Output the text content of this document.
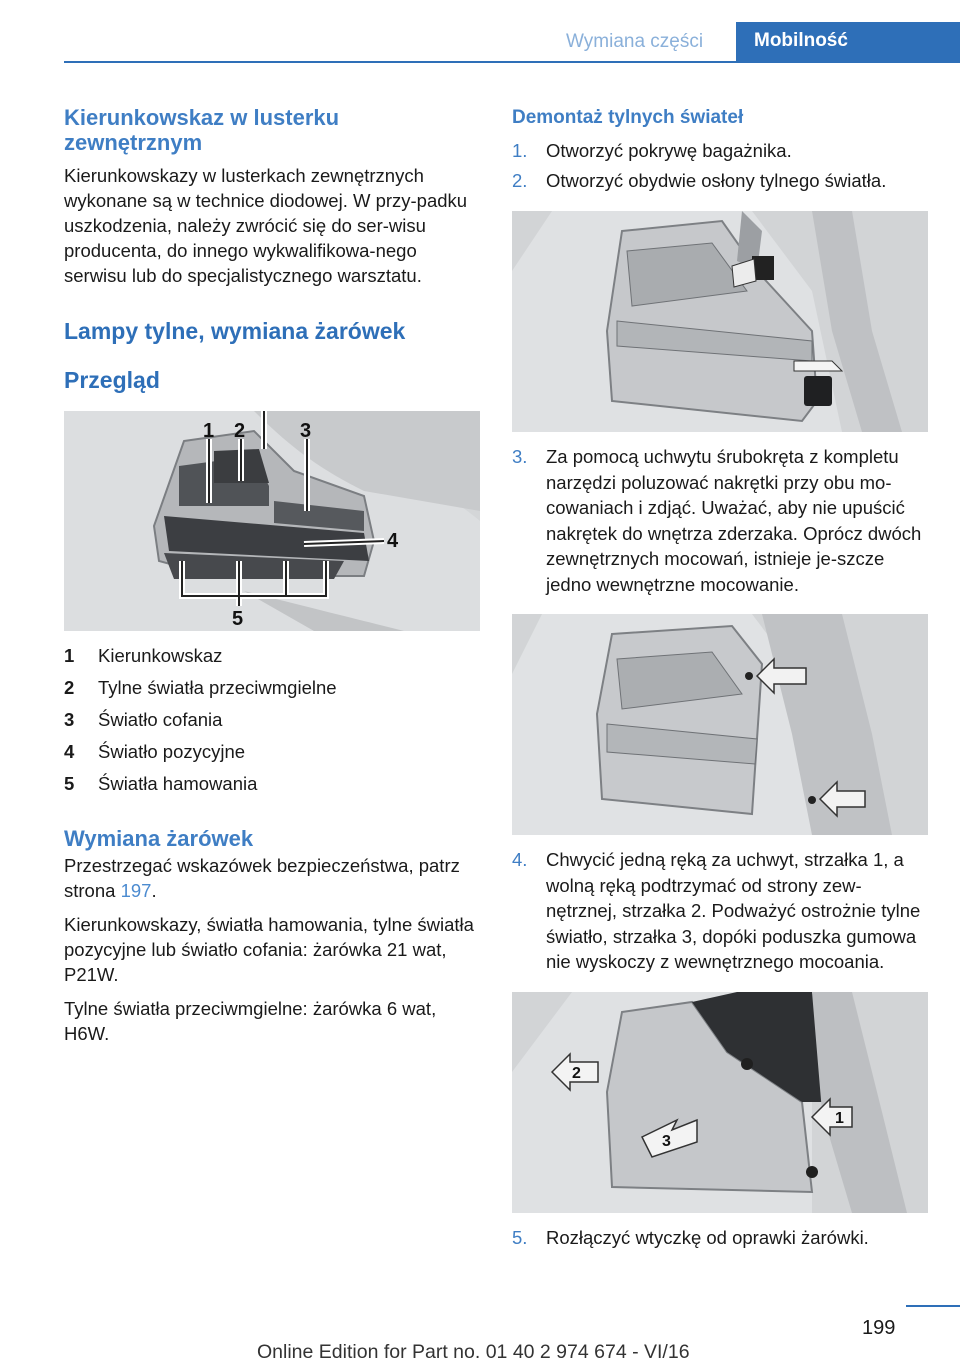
Wymiana części	Mobilność
Kierunkowskaz w lusterku zewnętrznym

Kierunkowskazy w lusterkach zewnętrznych wykonane są w technice diodowej. W przy-padku uszkodzenia, należy zwrócić się do ser-wisu producenta, do innego wykwalifikowa-nego serwisu lub do specjalistycznego warsztatu.

Lampy tylne, wymiana żarówek
Przegląd
1 2	3
4
5
1	Kierunkowskaz
2	Tylne światła przeciwmgielne
3	Światło cofania
4	Światło pozycyjne
5	Światła hamowania
Wymiana żarówek

Przestrzegać wskazówek bezpieczeństwa, patrz strona 197.

Kierunkowskazy, światła hamowania, tylne światła pozycyjne lub światło cofania: żarówka 21 wat, P21W.

Tylne światła przeciwmgielne: żarówka 6 wat, H6W.

Demontaż tylnych świateł
1.	Otworzyć pokrywę bagażnika.
2.	Otworzyć obydwie osłony tylnego światła.
3.	Za pomocą uchwytu śrubokręta z kompletu narzędzi poluzować nakrętki przy obu mo-cowaniach i zdjąć. Uważać, aby nie upuścić nakrętek do wnętrza zderzaka. Oprócz dwóch zewnętrznych mocowań, istnieje je-szcze jedno wewnętrzne mocowanie.
4.	Chwycić jedną ręką za uchwyt, strzałka 1, a wolną ręką podtrzymać od strony zew-nętrznej, strzałka 2. Podważyć ostrożnie tylne światło, strzałka 3, dopóki poduszka gumowa nie wyskoczy z wewnętrznego mocoania.
1
2
3
5.	Rozłączyć wtyczkę od oprawki żarówki.
199
Online Edition for Part no. 01 40 2 974 674 - VI/16
